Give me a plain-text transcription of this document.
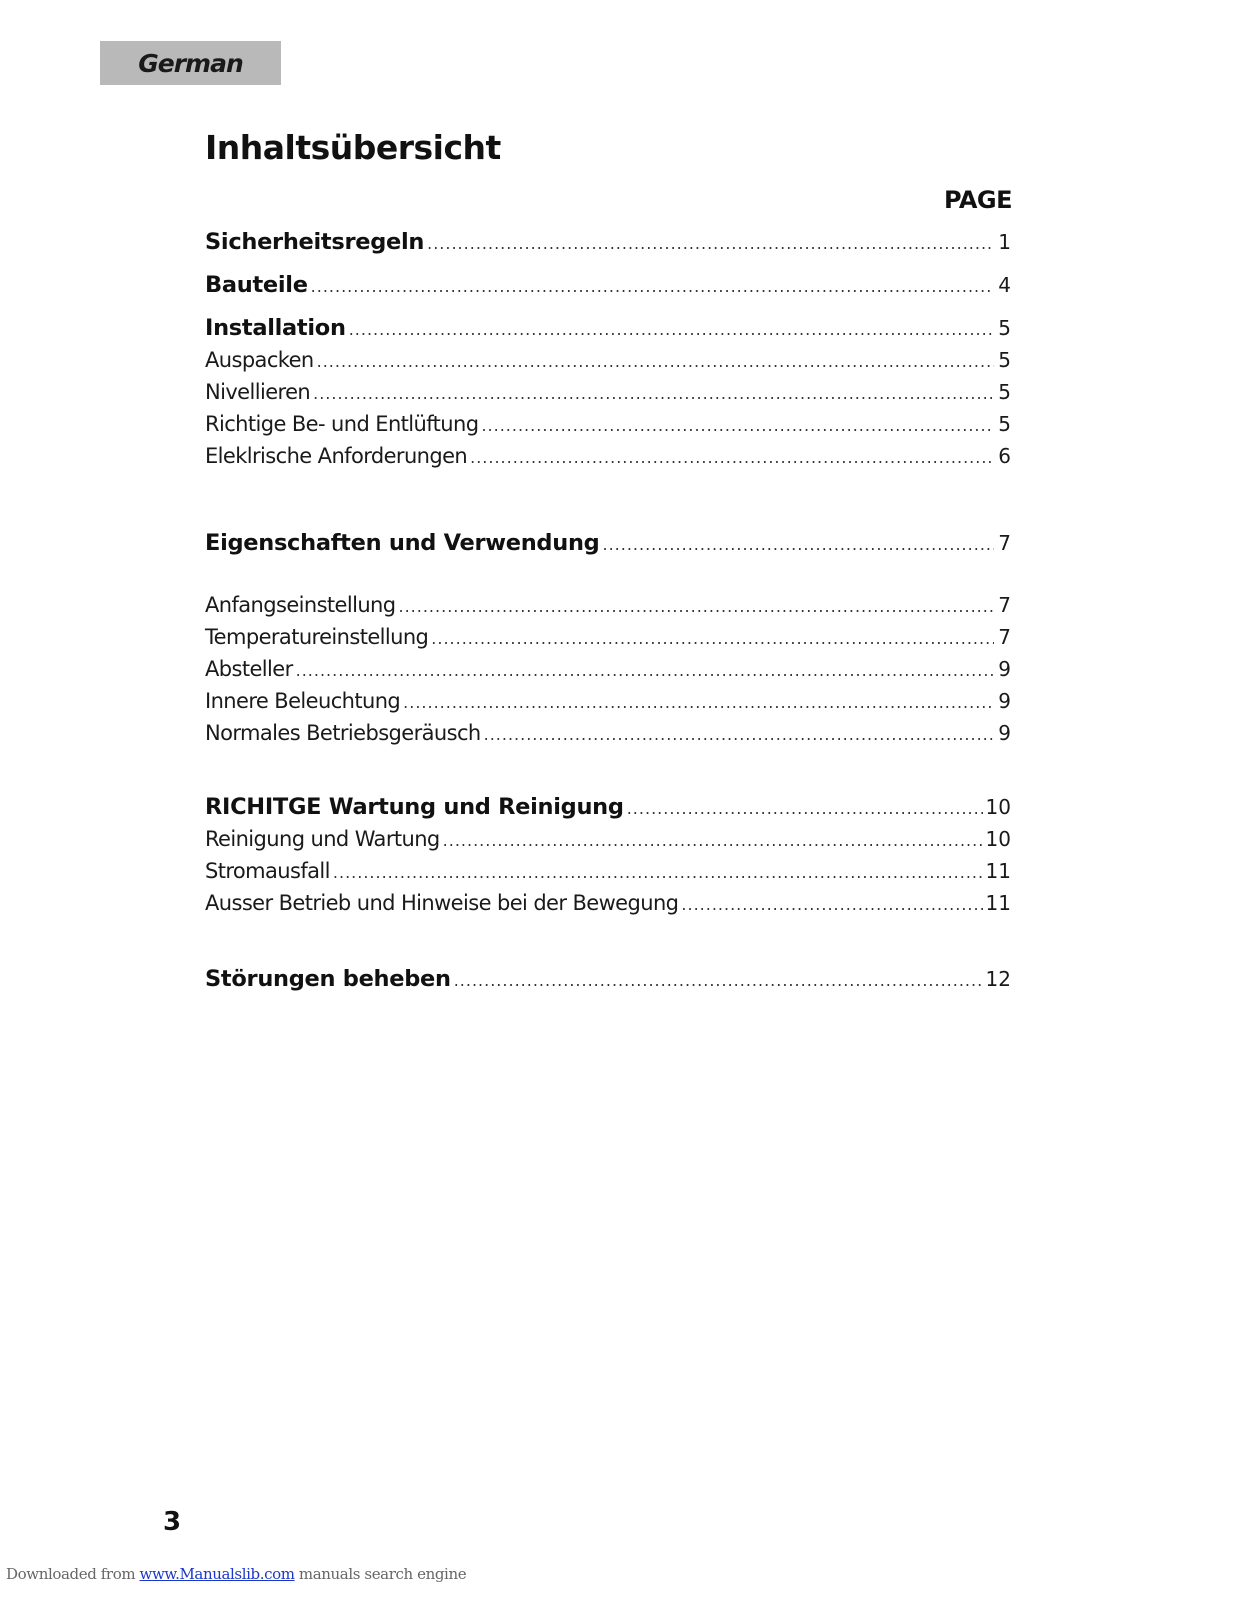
German
Inhaltsübersicht
PAGE
Sicherheitsregeln .....	1
Bauteile .....	4
Installation .....	5
Auspacken .....	5
Nivellieren .....	5
Richtige Be- und Entlüftung .....	5
Eleklrische Anforderungen .....	6
Eigenschaften und Verwendung .....	7
Anfangseinstellung .....	7
Temperatureinstellung .....	7
Absteller .....	9
Innere Beleuchtung .....	9
Normales Betriebsgeräusch .....	9
RICHITGE Wartung und Reinigung .....	10
Reinigung und Wartung .....	10
Stromausfall .....	11
Ausser Betrieb und Hinweise bei der Bewegung .....	11
Störungen beheben .....	12
3
Downloaded from www.Manualslib.com manuals search engine
